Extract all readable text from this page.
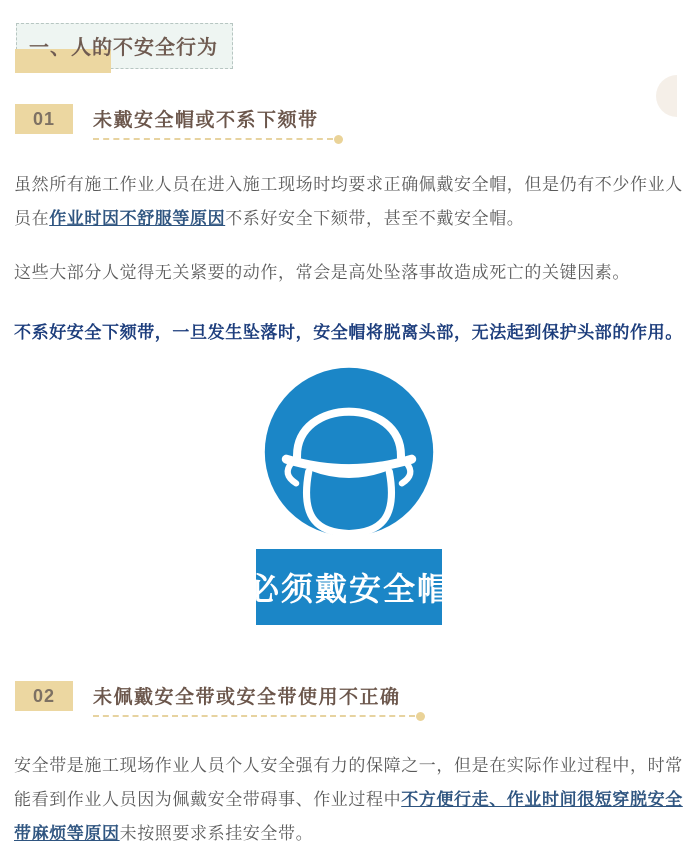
一、人的不安全行为
01	未戴安全帽或不系下颏带

虽然所有施工作业人员在进入施工现场时均要求正确佩戴安全帽，但是仍有不少作业人员在作业时因不舒服等原因不系好安全下颏带，甚至不戴安全帽。

这些大部分人觉得无关紧要的动作，常会是高处坠落事故造成死亡的关键因素。

不系好安全下颏带，一旦发生坠落时，安全帽将脱离头部，无法起到保护头部的作用。

必须戴安全帽
02	未佩戴安全带或安全带使用不正确

安全带是施工现场作业人员个人安全强有力的保障之一，但是在实际作业过程中，时常能看到作业人员因为佩戴安全带碍事、作业过程中不方便行走、作业时间很短穿脱安全带麻烦等原因未按照要求系挂安全带。
